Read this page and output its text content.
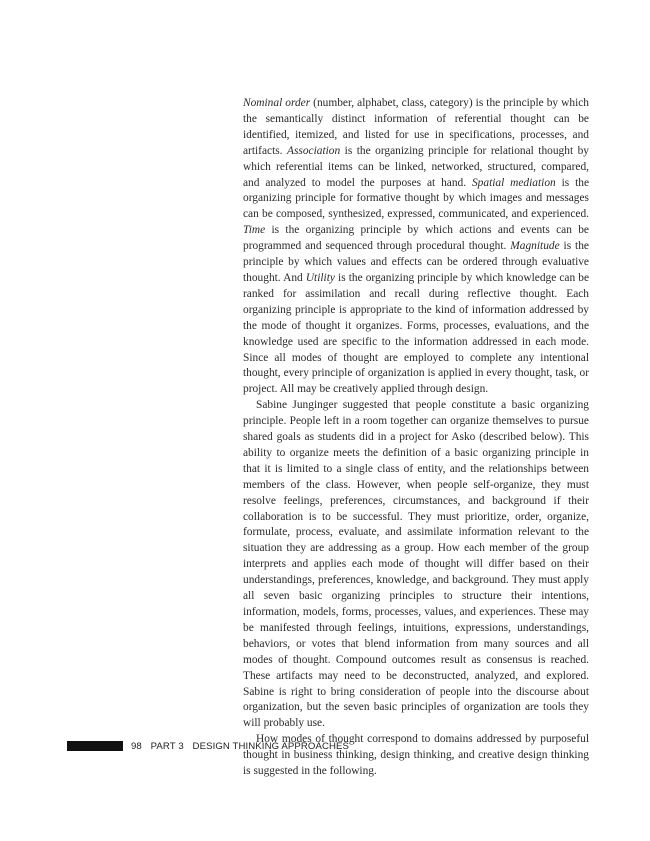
Nominal order (number, alphabet, class, category) is the principle by which the semantically distinct information of referential thought can be identified, itemized, and listed for use in specifications, processes, and artifacts. Association is the organizing principle for relational thought by which referential items can be linked, networked, structured, compared, and analyzed to model the purposes at hand. Spatial mediation is the organizing principle for formative thought by which images and messages can be composed, synthesized, expressed, communicated, and experienced. Time is the organizing principle by which actions and events can be programmed and sequenced through procedural thought. Magnitude is the principle by which values and effects can be ordered through evaluative thought. And Utility is the organizing principle by which knowledge can be ranked for assimilation and recall during reflective thought. Each organizing principle is appropriate to the kind of information addressed by the mode of thought it organizes. Forms, processes, evaluations, and the knowledge used are specific to the information addressed in each mode. Since all modes of thought are employed to complete any intentional thought, every principle of organization is applied in every thought, task, or project. All may be creatively applied through design.

Sabine Junginger suggested that people constitute a basic organizing principle. People left in a room together can organize themselves to pursue shared goals as students did in a project for Asko (described below). This ability to organize meets the definition of a basic organizing principle in that it is limited to a single class of entity, and the relationships between members of the class. However, when people self-organize, they must resolve feelings, preferences, circumstances, and background if their collaboration is to be successful. They must prioritize, order, organize, formulate, process, evaluate, and assimilate information relevant to the situation they are addressing as a group. How each member of the group interprets and applies each mode of thought will differ based on their understandings, preferences, knowledge, and background. They must apply all seven basic organizing principles to structure their intentions, information, models, forms, processes, values, and experiences. These may be manifested through feelings, intuitions, expressions, understandings, behaviors, or votes that blend information from many sources and all modes of thought. Compound outcomes result as consensus is reached. These artifacts may need to be deconstructed, analyzed, and explored. Sabine is right to bring consideration of people into the discourse about organization, but the seven basic principles of organization are tools they will probably use.

How modes of thought correspond to domains addressed by purposeful thought in business thinking, design thinking, and creative design thinking is suggested in the following.

98 PART 3 DESIGN THINKING APPROACHES
